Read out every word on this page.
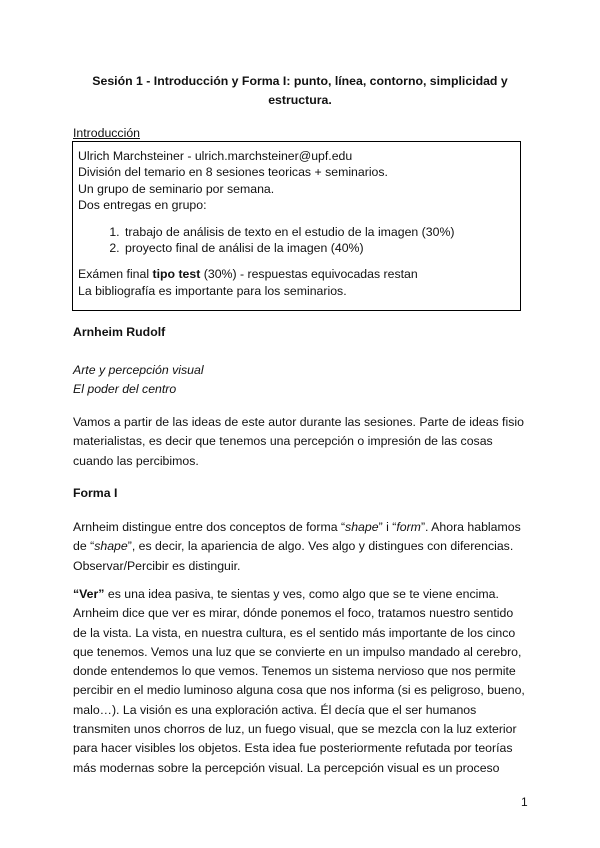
Sesión 1 - Introducción y Forma I: punto, línea, contorno, simplicidad y
estructura.
Introducción

Ulrich Marchsteiner - ulrich.marchsteiner@upf.edu

División del temario en 8 sesiones teoricas + seminarios.

Un grupo de seminario por semana.

Dos entregas en grupo:

1. trabajo de análisis de texto en el estudio de la imagen (30%)
2. proyecto final de análisi de la imagen (40%)

Exámen final tipo test (30%) - respuestas equivocadas restan

La bibliografía es importante para los seminarios.

Arnheim Rudolf

Arte y percepción visual

El poder del centro

Vamos a partir de las ideas de este autor durante las sesiones. Parte de ideas fisio materialistas, es decir que tenemos una percepción o impresión de las cosas cuando las percibimos.

Forma I

Arnheim distingue entre dos conceptos de forma “shape” i “form”. Ahora hablamos de “shape”, es decir, la apariencia de algo. Ves algo y distingues con diferencias. Observar/Percibir es distinguir.

“Ver” es una idea pasiva, te sientas y ves, como algo que se te viene encima. Arnheim dice que ver es mirar, dónde ponemos el foco, tratamos nuestro sentido de la vista. La vista, en nuestra cultura, es el sentido más importante de los cinco que tenemos. Vemos una luz que se convierte en un impulso mandado al cerebro, donde entendemos lo que vemos. Tenemos un sistema nervioso que nos permite percibir en el medio luminoso alguna cosa que nos informa (si es peligroso, bueno, malo…). La visión es una exploración activa. Él decía que el ser humanos transmiten unos chorros de luz, un fuego visual, que se mezcla con la luz exterior para hacer visibles los objetos. Esta idea fue posteriormente refutada por teorías más modernas sobre la percepción visual. La percepción visual es un proceso

1
